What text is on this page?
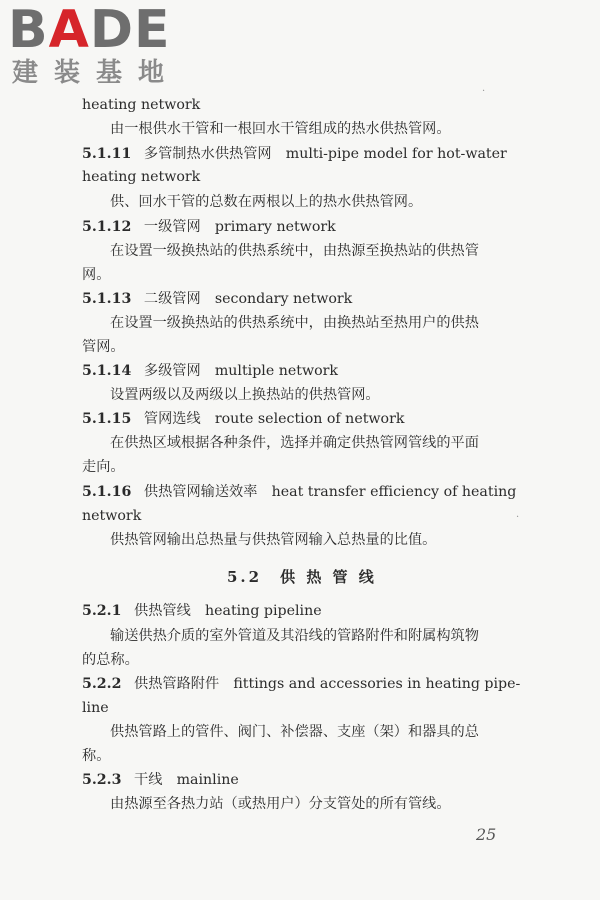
BADE
建装基地
heating network
由一根供水干管和一根回水干管组成的热水供热管网。
5.1.11 多管制热水供热管网　multi-pipe model for hot-water
heating network
供、回水干管的总数在两根以上的热水供热管网。
5.1.12 一级管网　primary network
在设置一级换热站的供热系统中，由热源至换热站的供热管
网。
5.1.13 二级管网　secondary network
在设置一级换热站的供热系统中，由换热站至热用户的供热
管网。
5.1.14 多级管网　multiple network
设置两级以及两级以上换热站的供热管网。
5.1.15 管网选线　route selection of network
在供热区域根据各种条件，选择并确定供热管网管线的平面
走向。
5.1.16 供热管网输送效率　heat transfer efficiency of heating
network
供热管网输出总热量与供热管网输入总热量的比值。
5.2　供 热 管 线
5.2.1 供热管线　heating pipeline
输送供热介质的室外管道及其沿线的管路附件和附属构筑物
的总称。
5.2.2 供热管路附件　fittings and accessories in heating pipe-
line
供热管路上的管件、阀门、补偿器、支座（架）和器具的总
称。
5.2.3 干线　mainline
由热源至各热力站（或热用户）分支管处的所有管线。
25
·
·
